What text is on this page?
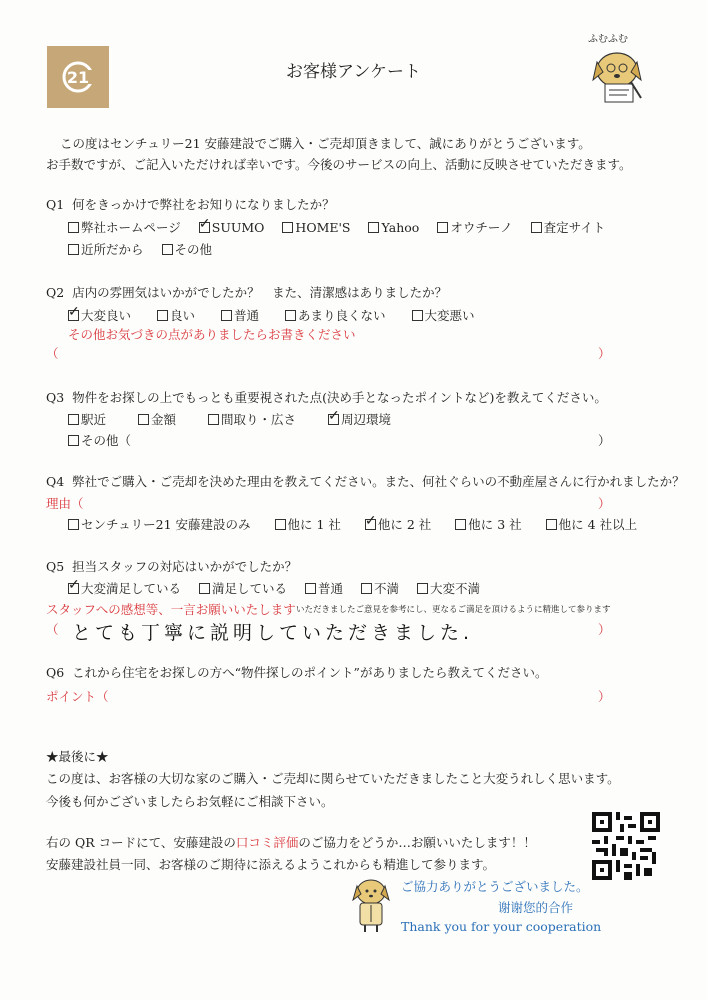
21	お客様アンケート
ふむふむ
この度はセンチュリー21 安藤建設でご購入・ご売却頂きまして、誠にありがとうございます。
お手数ですが、ご記入いただければ幸いです。今後のサービスの向上、活動に反映させていただきます。
Q1 何をきっかけで弊社をお知りになりましたか？
弊社ホームページ ✓ SUUMO HOME'S Yahoo オウチーノ 査定サイト
近所だから その他
Q2 店内の雰囲気はいかがでしたか？　また、清潔感はありましたか？
✓大変良い	良い	普通	あまり良くない	大変悪い
その他お気づきの点がありましたらお書きください
（	）
Q3 物件をお探しの上でもっとも重要視された点(決め手となったポイントなど)を教えてください。
駅近	金額	間取り・広さ ✓	周辺環境
その他（	）
Q4 弊社でご購入・ご売却を決めた理由を教えてください。また、何社ぐらいの不動産屋さんに行かれましたか？
理由（	）
センチュリー21 安藤建設のみ	他に 1 社 ✓	他に 2 社	他に 3 社	他に 4 社以上
Q5 担当スタッフの対応はいかがでしたか？
✓大変満足している 満足している 普通 不満 大変不満
スタッフへの感想等、一言お願いいたします いただきましたご意見を参考にし、更なるご満足を頂けるように精進して参ります
（ とても丁寧に説明していただきました.	）
Q6 これから住宅をお探しの方へ“物件探しのポイント”がありましたら教えてください。
ポイント（	）
★最後に★
この度は、お客様の大切な家のご購入・ご売却に関らせていただきましたこと大変うれしく思います。
今後も何かございましたらお気軽にご相談下さい。
右の QR コードにて、安藤建設の口コミ評価のご協力をどうか…お願いいたします！！
安藤建設社員一同、お客様のご期待に添えるようこれからも精進して参ります。
ご協力ありがとうございました。
谢谢您的合作
Thank you for your cooperation
